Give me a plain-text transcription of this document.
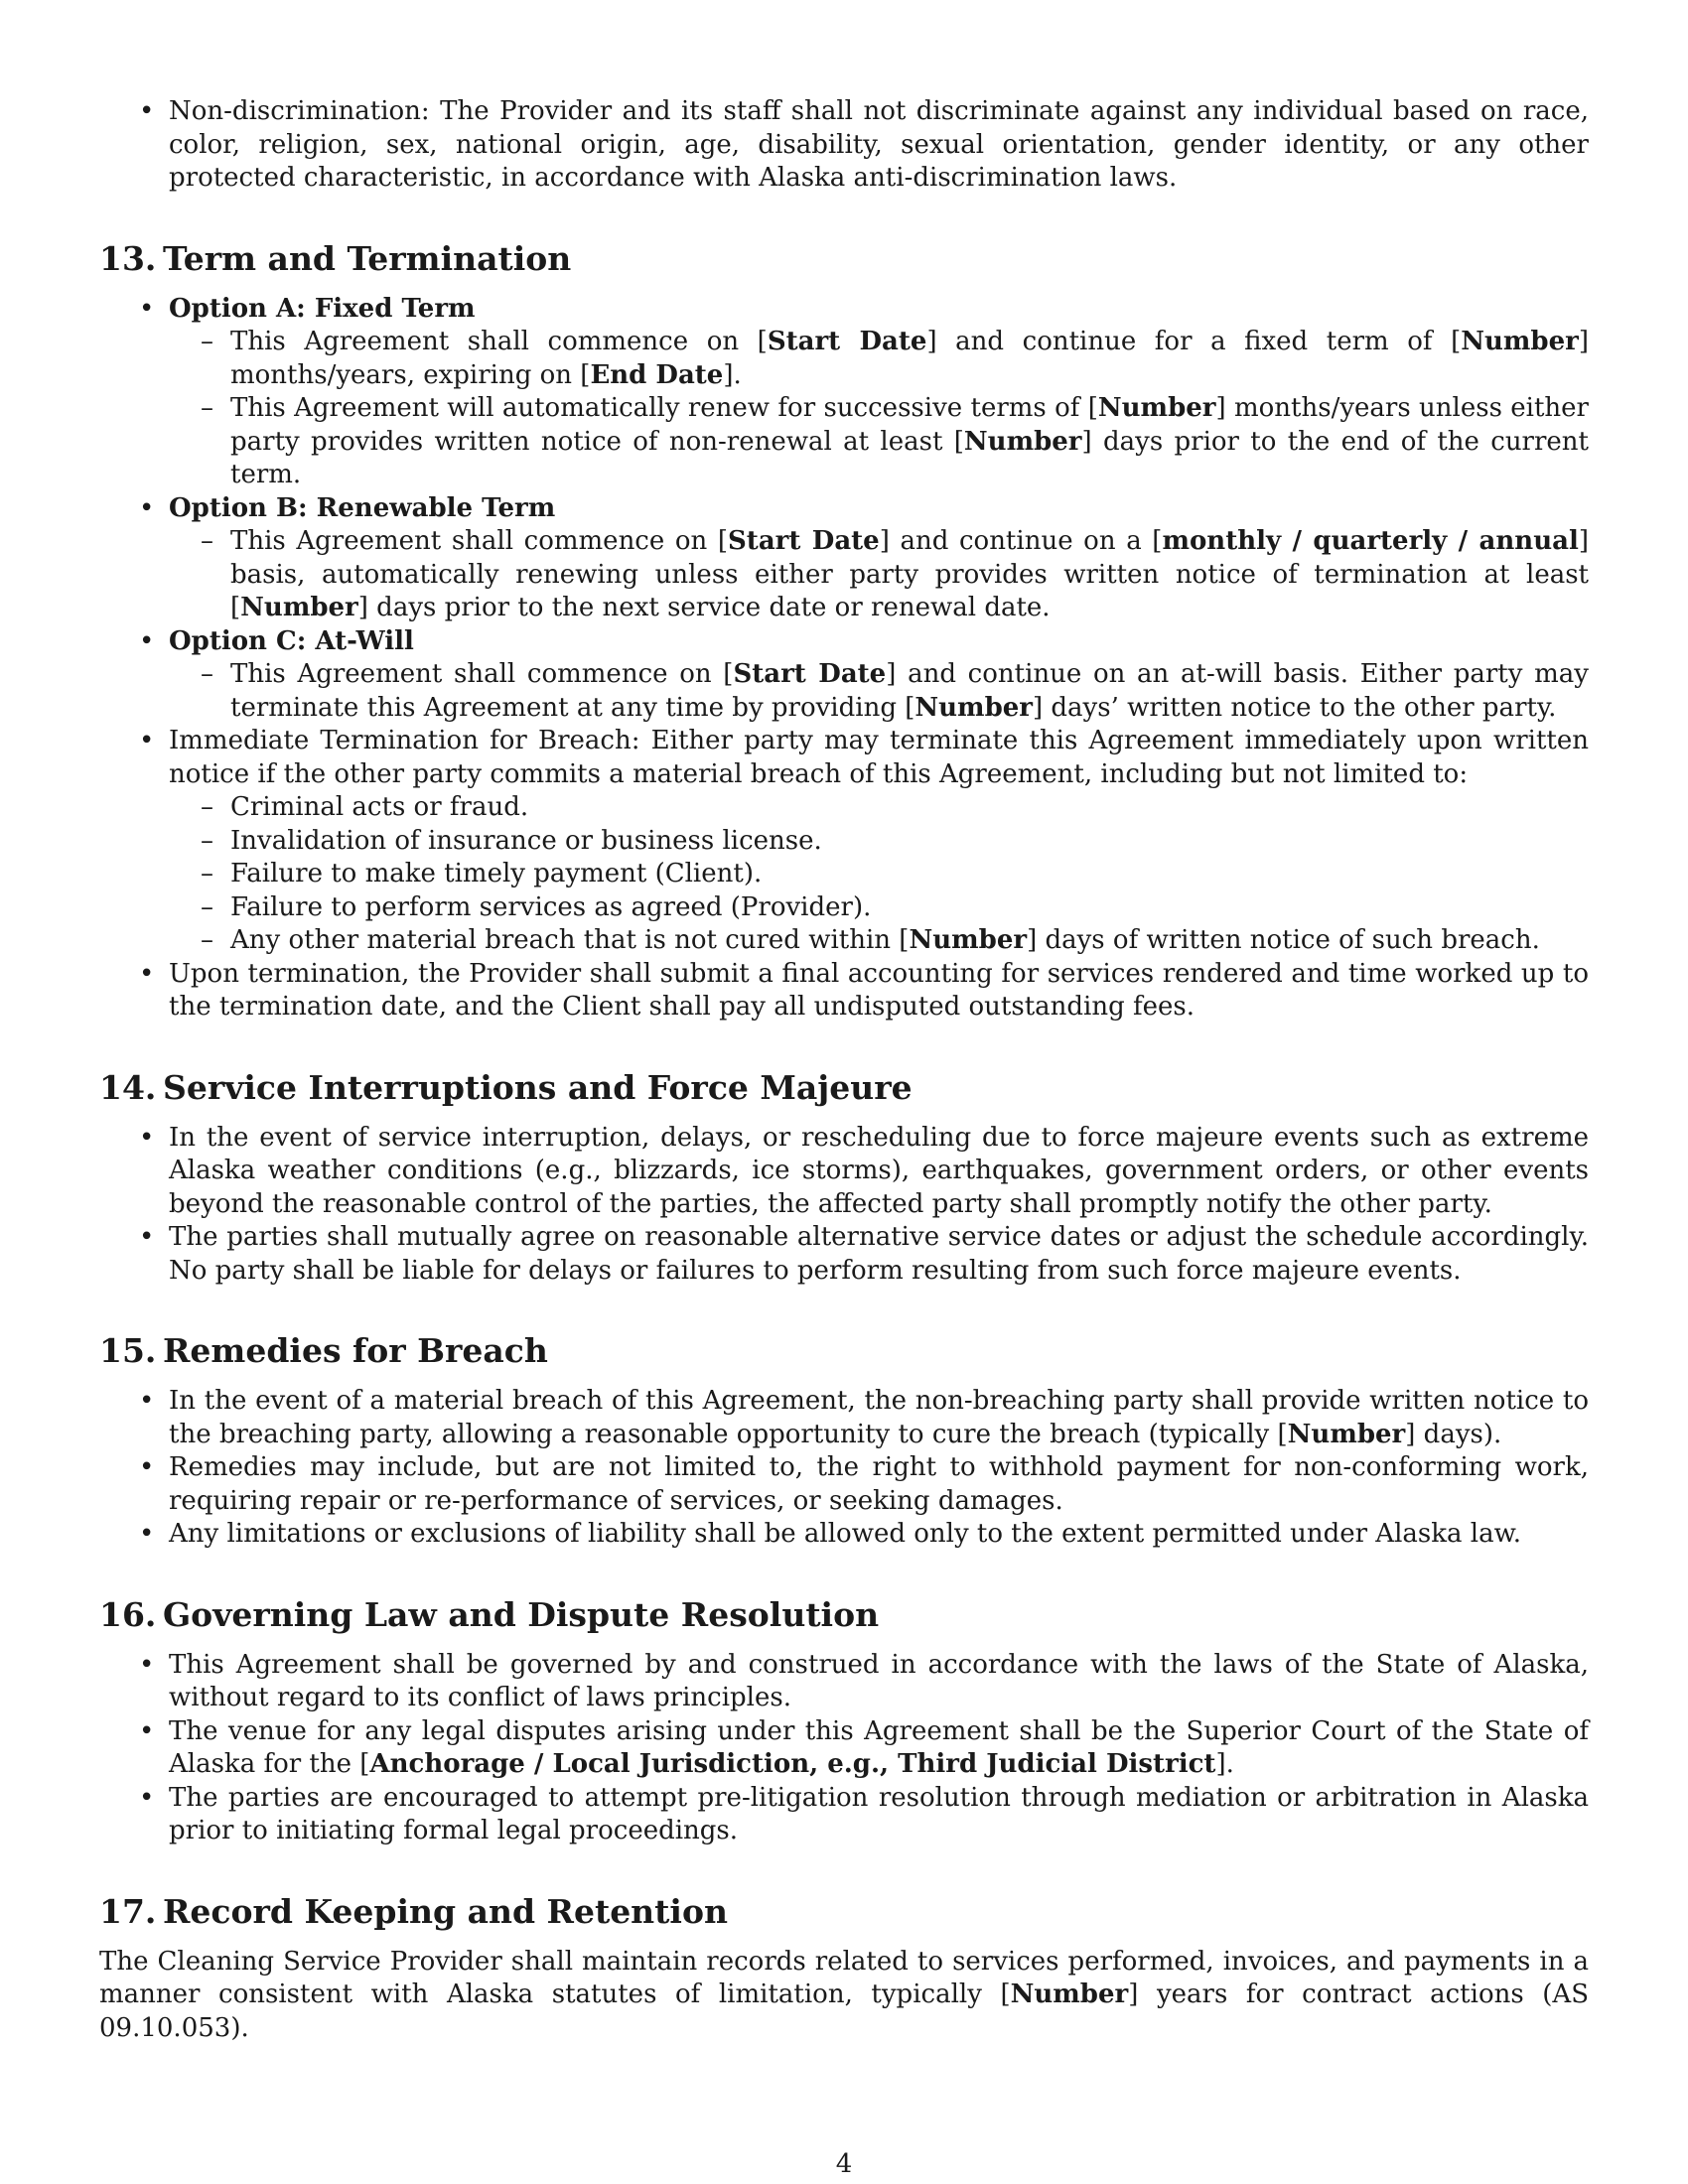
• Non-discrimination: The Provider and its staff shall not discriminate against any individual based on race, color, religion, sex, national origin, age, disability, sexual orientation, gender identity, or any other protected characteristic, in accordance with Alaska anti-discrimination laws.
13. Term and Termination
• Option A: Fixed Term
– This Agreement shall commence on [Start Date] and continue for a fixed term of [Number] months/years, expiring on [End Date].
– This Agreement will automatically renew for successive terms of [Number] months/years unless either party provides written notice of non-renewal at least [Number] days prior to the end of the current term.
• Option B: Renewable Term
– This Agreement shall commence on [Start Date] and continue on a [monthly / quarterly / annual] basis, automatically renewing unless either party provides written notice of termination at least [Number] days prior to the next service date or renewal date.
• Option C: At-Will
– This Agreement shall commence on [Start Date] and continue on an at-will basis. Either party may terminate this Agreement at any time by providing [Number] days’ written notice to the other party.
• Immediate Termination for Breach: Either party may terminate this Agreement immediately upon written notice if the other party commits a material breach of this Agreement, including but not limited to:
– Criminal acts or fraud.
– Invalidation of insurance or business license.
– Failure to make timely payment (Client).
– Failure to perform services as agreed (Provider).
– Any other material breach that is not cured within [Number] days of written notice of such breach.
• Upon termination, the Provider shall submit a final accounting for services rendered and time worked up to the termination date, and the Client shall pay all undisputed outstanding fees.
14. Service Interruptions and Force Majeure
• In the event of service interruption, delays, or rescheduling due to force majeure events such as extreme Alaska weather conditions (e.g., blizzards, ice storms), earthquakes, government orders, or other events beyond the reasonable control of the parties, the affected party shall promptly notify the other party.
• The parties shall mutually agree on reasonable alternative service dates or adjust the schedule accordingly. No party shall be liable for delays or failures to perform resulting from such force majeure events.
15. Remedies for Breach
• In the event of a material breach of this Agreement, the non-breaching party shall provide written notice to the breaching party, allowing a reasonable opportunity to cure the breach (typically [Number] days).
• Remedies may include, but are not limited to, the right to withhold payment for non-conforming work, requiring repair or re-performance of services, or seeking damages.
• Any limitations or exclusions of liability shall be allowed only to the extent permitted under Alaska law.
16. Governing Law and Dispute Resolution
• This Agreement shall be governed by and construed in accordance with the laws of the State of Alaska, without regard to its conflict of laws principles.
• The venue for any legal disputes arising under this Agreement shall be the Superior Court of the State of Alaska for the [Anchorage / Local Jurisdiction, e.g., Third Judicial District].
• The parties are encouraged to attempt pre-litigation resolution through mediation or arbitration in Alaska prior to initiating formal legal proceedings.
17. Record Keeping and Retention

The Cleaning Service Provider shall maintain records related to services performed, invoices, and payments in a manner consistent with Alaska statutes of limitation, typically [Number] years for contract actions (AS 09.10.053).

4
